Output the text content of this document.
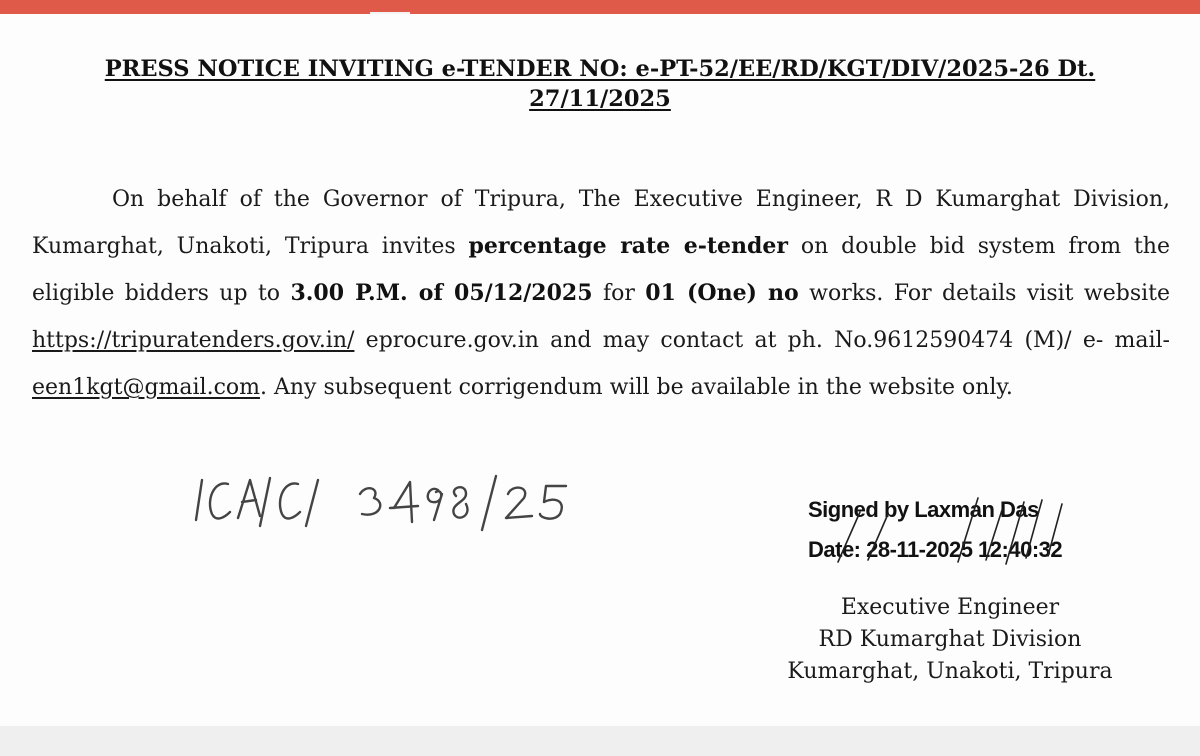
PRESS NOTICE INVITING e-TENDER NO: e-PT-52/EE/RD/KGT/DIV/2025-26 Dt.
27/11/2025
On behalf of the Governor of Tripura, The Executive Engineer, R D Kumarghat Division, Kumarghat, Unakoti, Tripura invites percentage rate e-tender on double bid system from the eligible bidders up to 3.00 P.M. of 05/12/2025 for 01 (One) no works. For details visit website https://tripuratenders.gov.in/ eprocure.gov.in and may contact at ph. No.9612590474 (M)/ e- mail- een1kgt@gmail.com. Any subsequent corrigendum will be available in the website only.
ICA/C/ 3498/25
Signed by Laxman Das
Date: 28-11-2025 12:40:32
Executive Engineer
RD Kumarghat Division
Kumarghat, Unakoti, Tripura
